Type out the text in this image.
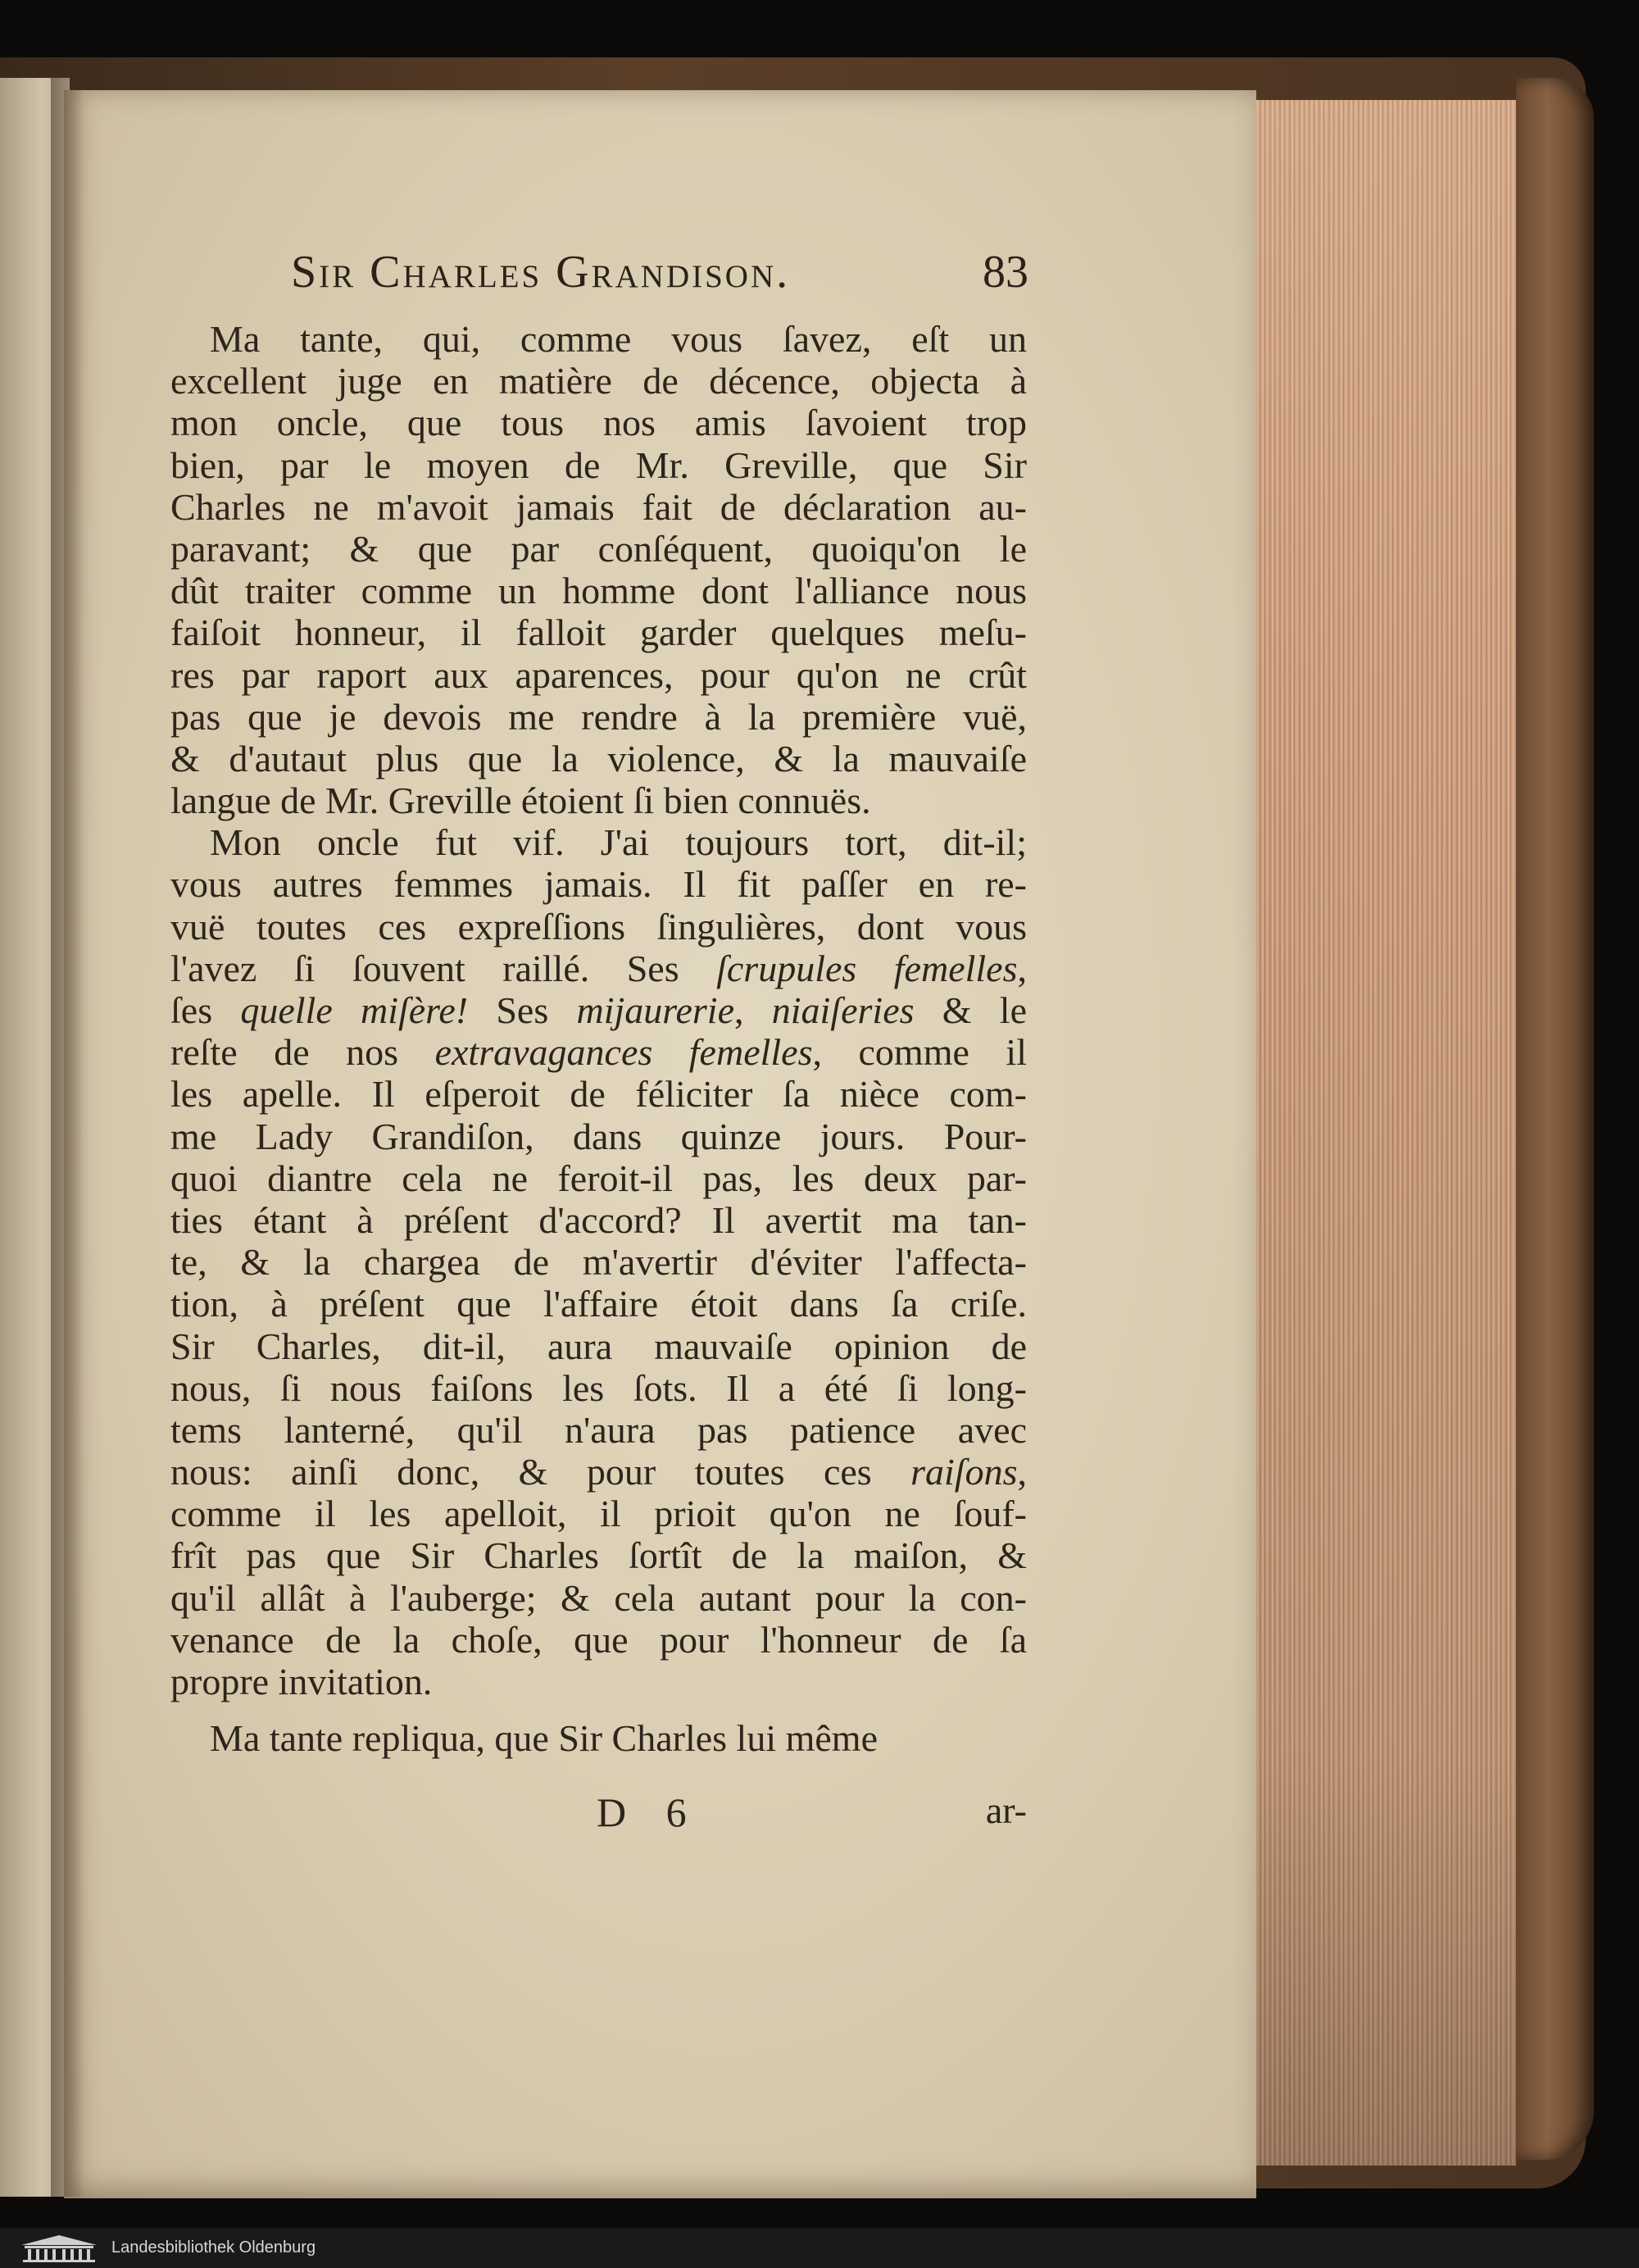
Sir Charles Grandison.	83
Ma tante, qui, comme vous ſavez, eſt un
excellent juge en matière de décence, objecta à
mon oncle, que tous nos amis ſavoient trop
bien, par le moyen de Mr. Greville, que Sir
Charles ne m'avoit jamais fait de déclaration au-
paravant; & que par conſéquent, quoiqu'on le
dût traiter comme un homme dont l'alliance nous
faiſoit honneur, il falloit garder quelques meſu-
res par raport aux aparences, pour qu'on ne crût
pas que je devois me rendre à la première vuë,
& d'autaut plus que la violence, & la mauvaiſe
langue de Mr. Greville étoient ſi bien connuës.
Mon oncle fut vif. J'ai toujours tort, dit-il;
vous autres femmes jamais. Il fit paſſer en re-
vuë toutes ces expreſſions ſingulières, dont vous
l'avez ſi ſouvent raillé. Ses ſcrupules femelles,
ſes quelle miſère! Ses mijaurerie, niaiſeries & le
reſte de nos extravagances femelles, comme il
les apelle. Il eſperoit de féliciter ſa nièce com-
me Lady Grandiſon, dans quinze jours. Pour-
quoi diantre cela ne feroit-il pas, les deux par-
ties étant à préſent d'accord? Il avertit ma tan-
te, & la chargea de m'avertir d'éviter l'affecta-
tion, à préſent que l'affaire étoit dans ſa criſe.
Sir Charles, dit-il, aura mauvaiſe opinion de
nous, ſi nous faiſons les ſots. Il a été ſi long-
tems lanterné, qu'il n'aura pas patience avec
nous: ainſi donc, & pour toutes ces raiſons,
comme il les apelloit, il prioit qu'on ne ſouf-
frît pas que Sir Charles ſortît de la maiſon, &
qu'il allât à l'auberge; & cela autant pour la con-
venance de la choſe, que pour l'honneur de ſa
propre invitation.
Ma tante repliqua, que Sir Charles lui même
D 6	ar-
Landesbibliothek Oldenburg
